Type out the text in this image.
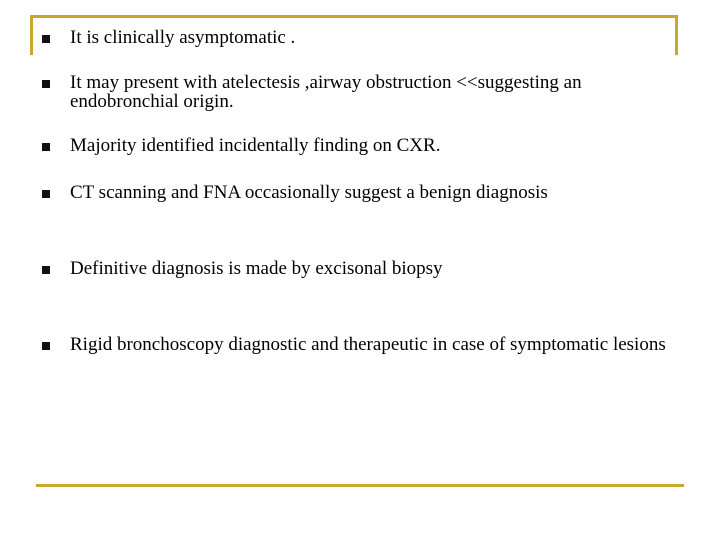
It is clinically asymptomatic .
It may present with atelectesis ,airway obstruction <<suggesting an endobronchial origin.
Majority identified incidentally finding on CXR.
CT scanning and FNA occasionally suggest a benign diagnosis
Definitive diagnosis is made by excisonal biopsy
Rigid bronchoscopy diagnostic and therapeutic in case of symptomatic lesions
